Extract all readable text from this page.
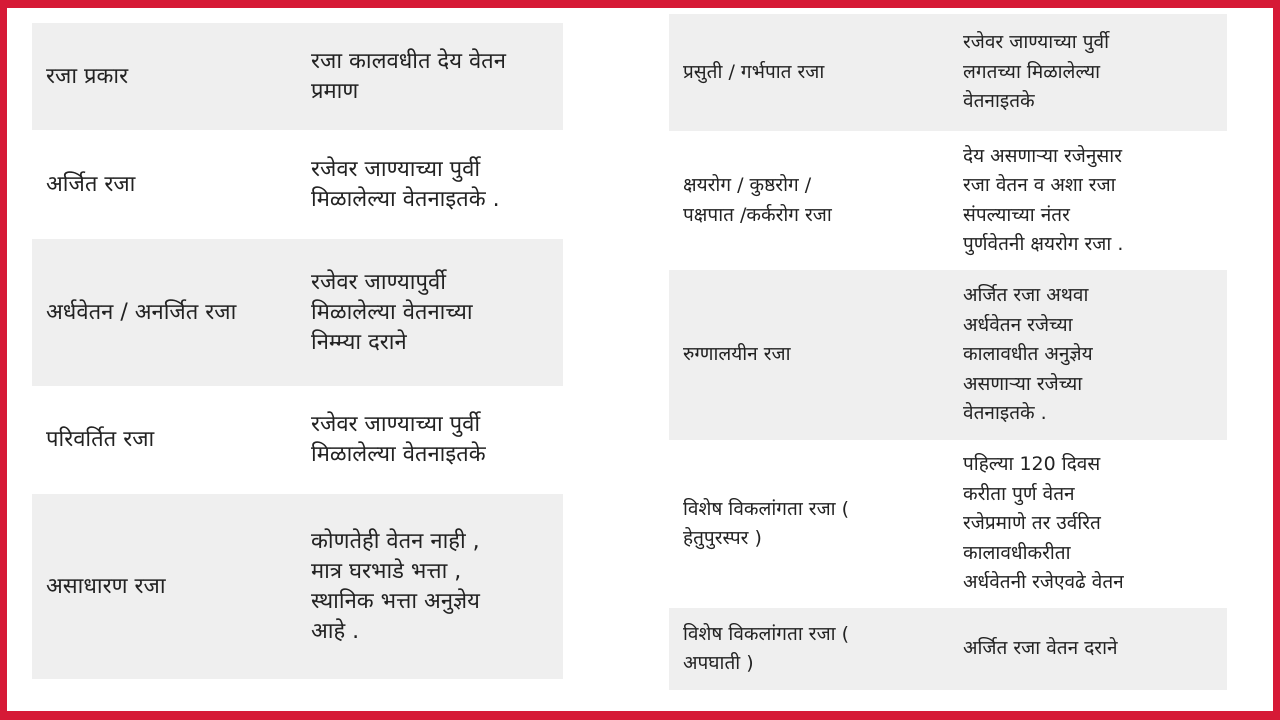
रजा प्रकार
रजा कालवधीत देय वेतन
प्रमाण
अर्जित रजा
रजेवर जाण्याच्या पुर्वी
मिळालेल्या वेतनाइतके .
अर्धवेतन / अनर्जित रजा
रजेवर जाण्यापुर्वी
मिळालेल्या वेतनाच्या
निम्म्या दराने
परिवर्तित रजा
रजेवर जाण्याच्या पुर्वी
मिळालेल्या वेतनाइतके
असाधारण रजा
कोणतेही वेतन नाही ,
मात्र घरभाडे भत्ता ,
स्थानिक भत्ता अनुज्ञेय
आहे .
प्रसुती / गर्भपात रजा
रजेवर जाण्याच्या पुर्वी
लगतच्या मिळालेल्या
वेतनाइतके
क्षयरोग / कुष्ठरोग /
पक्षपात /कर्करोग रजा
देय असणाऱ्या रजेनुसार
रजा वेतन व अशा रजा
संपल्याच्या नंतर
पुर्णवेतनी क्षयरोग रजा .
रुग्णालयीन रजा
अर्जित रजा अथवा
अर्धवेतन रजेच्या
कालावधीत अनुज्ञेय
असणाऱ्या रजेच्या
वेतनाइतके .
विशेष विकलांगता रजा (
हेतुपुरस्पर )
पहिल्या 120 दिवस
करीता पुर्ण वेतन
रजेप्रमाणे तर उर्वरित
कालावधीकरीता
अर्धवेतनी रजेएवढे वेतन
विशेष विकलांगता रजा (
अपघाती )
अर्जित रजा वेतन दराने
